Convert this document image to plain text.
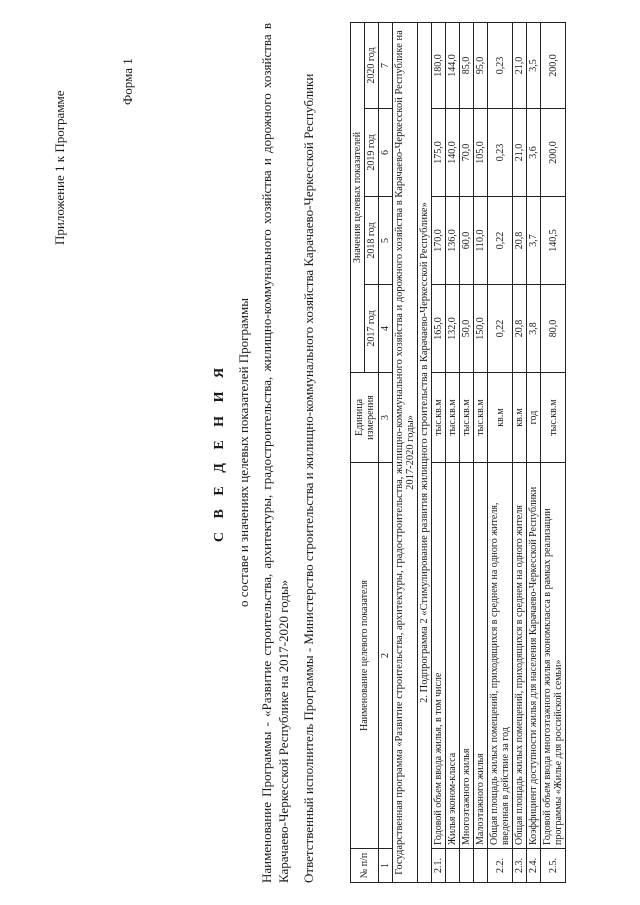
Приложение 1 к Программе
Форма 1
С В Е Д Е Н И Я о составе и значениях целевых показателей Программы Наименование Программы - «Развитие строительства, архитектуры, градостроительства, жилищно-коммунального хозяйства и дорожного хозяйства в Карачаево-Черкесской Республике на 2017-2020 годы» Ответственный исполнитель Программы - Министерство строительства и жилищно-коммунального хозяйства Карачаево-Черкесской Республики	№ п/п	Наименование целевого показателя	Единица измерения	Значения целевых показателей			
			2017 год	2018 год	2019 год	2020 год
1	2	3	4	5	6	7
Государственная программа «Развитие строительства, архитектуры, градостроительства, жилищно-коммунального хозяйства и дорожного хозяйства в Карачаево-Черкесской Республике на 2017-2020 годы»						
2. Подпрограмма 2 «Стимулирование развития жилищного строительства в Карачаево-Черкесской Республике»						
2.1.	Годовой объем ввода жилья, в том числе	тыс.кв.м	165,0	170,0	175,0	180,0
	Жилья эконом-класса	тыс.кв.м	132,0	136,0	140,0	144,0
	Многоэтажного жилья	тыс.кв.м	50,0	60,0	70,0	85,0
	Малоэтажного жилья	тыс.кв.м	150,0	110,0	105,0	95,0
2.2.	Общая площадь жилых помещений, приходящихся в среднем на одного жителя, введенная в действие за год	кв.м	0,22	0,22	0,23	0,23
2.3.	Общая площадь жилых помещений, приходящихся в среднем на одного жителя	кв.м	20,8	20,8	21,0	21,0
2.4.	Коэффициент доступности жилья для населения Карачаево-Черкесской Республики	год	3,8	3,7	3,6	3,5
2.5.	Годовой объем ввода многоэтажного жилья экономкласса в рамках реализации программы «Жилье для российской семьи»	тыс.кв.м	80,0	140,5	200,0	200,0
